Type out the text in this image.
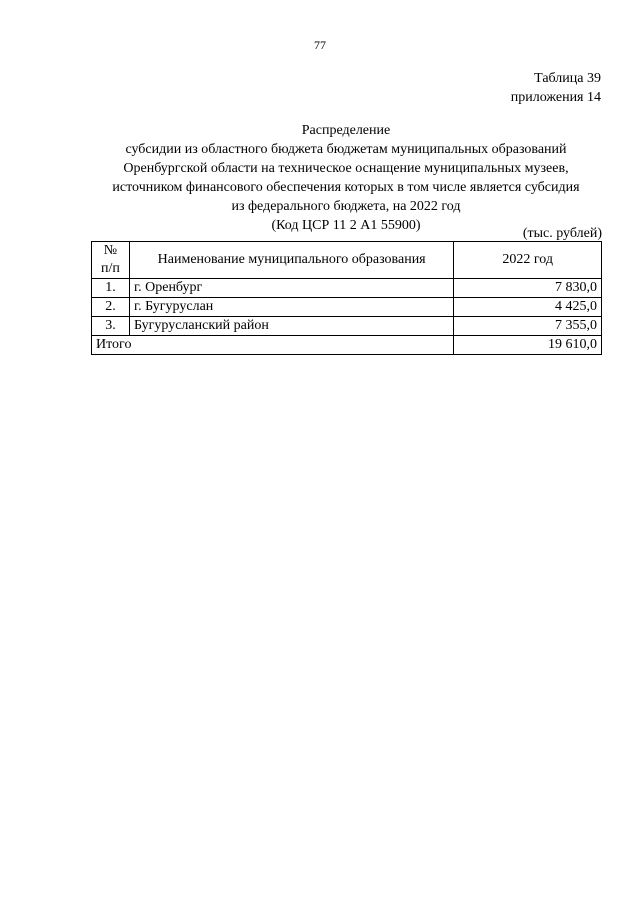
77
Таблица 39
приложения 14
Распределение
субсидии из областного бюджета бюджетам муниципальных образований
Оренбургской области на техническое оснащение муниципальных музеев,
источником финансового обеспечения которых в том числе является субсидия
из федерального бюджета, на 2022 год
(Код ЦСР 11 2 А1 55900)
(тыс. рублей)
№
п/п	Наименование муниципального образования	2022 год
1.	г. Оренбург	7 830,0
2.	г. Бугуруслан	4 425,0
3.	Бугурусланский район	7 355,0
Итого		19 610,0
